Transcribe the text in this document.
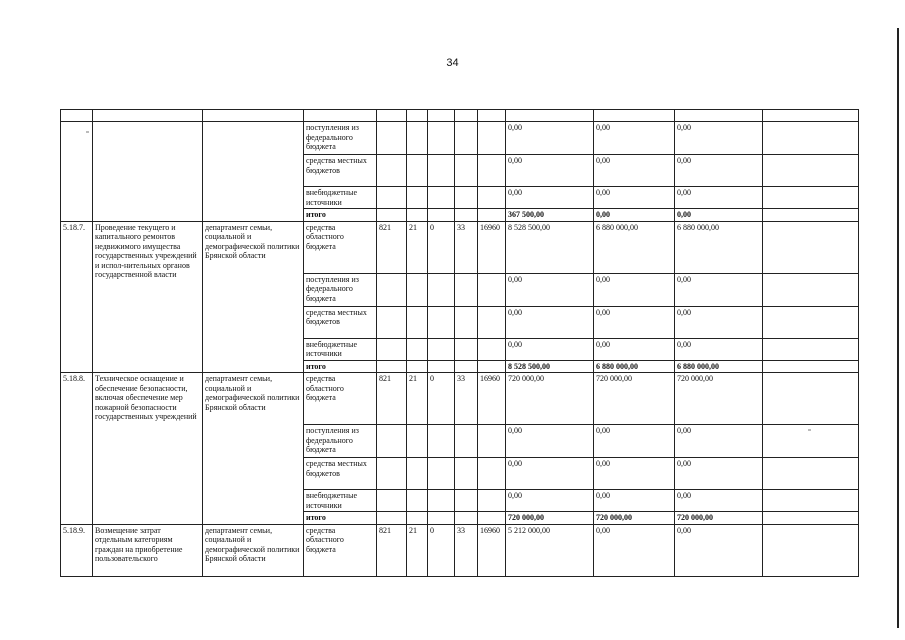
34

			поступления из федерального бюджета						0,00	0,00	0,00	
			средства местных бюджетов						0,00	0,00	0,00	
			внебюджетные источники						0,00	0,00	0,00	
			итого						367 500,00	0,00	0,00	
5.18.7.	Проведение текущего и капитального ремонтов недвижимого имущества государственных учреждений и испол-нительных органов государственной власти	департамент семьи, социальной и демографической политики Брянской области	средства областного бюджета	821	21	0	33	16960	8 528 500,00	6 880 000,00	6 880 000,00	
			поступления из федерального бюджета						0,00	0,00	0,00	
			средства местных бюджетов						0,00	0,00	0,00	
			внебюджетные источники						0,00	0,00	0,00	
			итого						8 528 500,00	6 880 000,00	6 880 000,00	
5.18.8.	Техническое оснащение и обеспечение безопасности, включая обеспечение мер пожарной безопасности государственных учреждений	департамент семьи, социальной и демографической политики Брянской области	средства областного бюджета	821	21	0	33	16960	720 000,00	720 000,00	720 000,00	
			поступления из федерального бюджета						0,00	0,00	0,00	
			средства местных бюджетов						0,00	0,00	0,00	
			внебюджетные источники						0,00	0,00	0,00	
			итого						720 000,00	720 000,00	720 000,00	
5.18.9.	Возмещение затрат отдельным категориям граждан на приобретение пользовательского	департамент семьи, социальной и демографической политики Брянской области	средства областного бюджета	821	21	0	33	16960	5 212 000,00	0,00	0,00	
